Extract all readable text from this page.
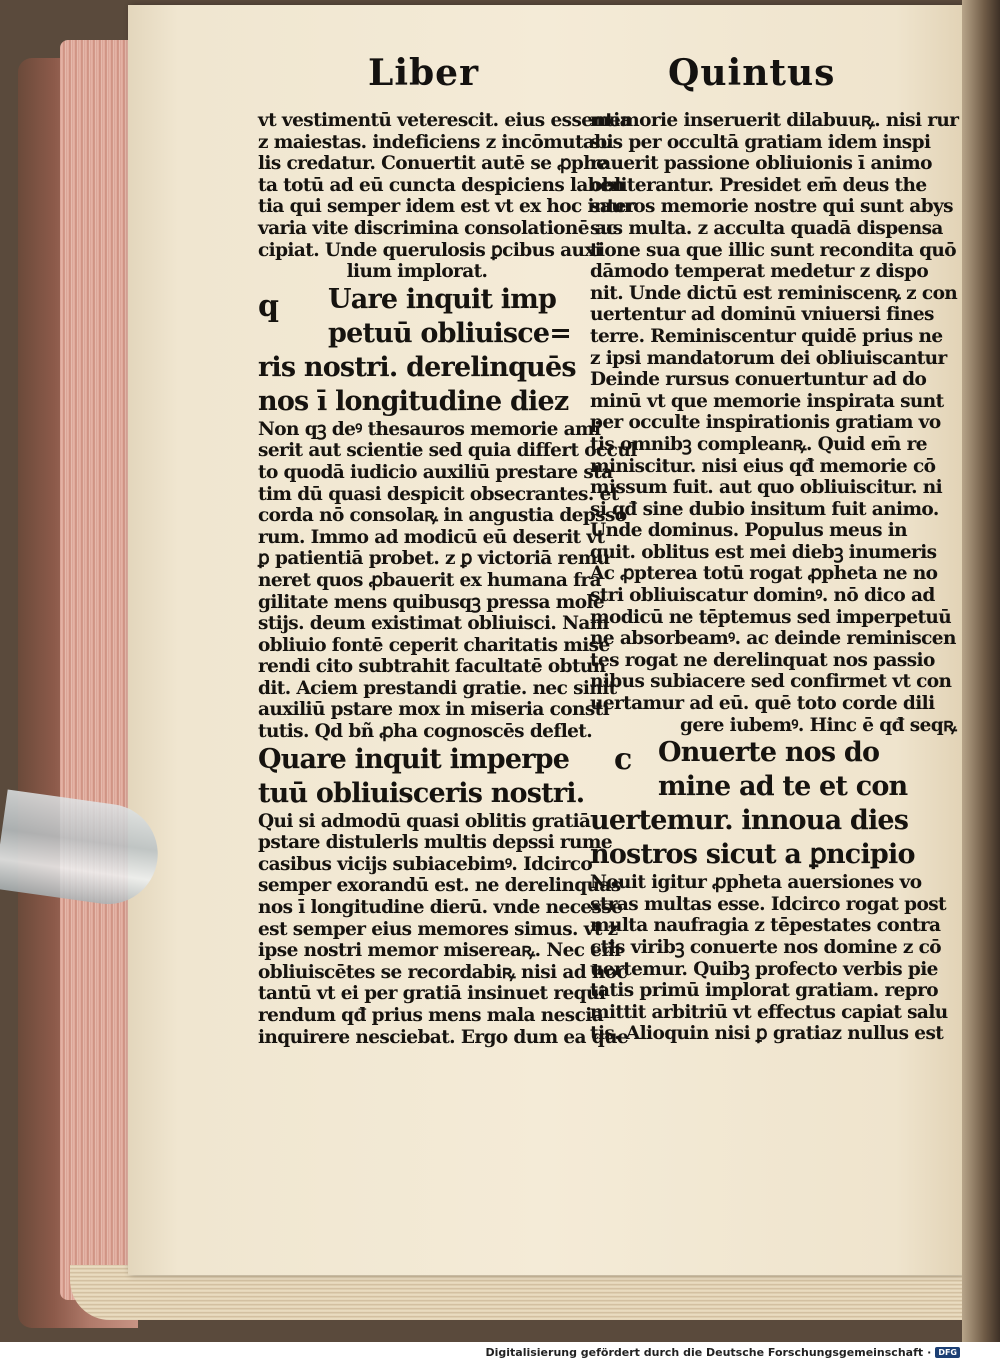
Liber	Quintus
vt vestimentū veterescit. eius essentia
z maiestas. indeficiens z incōmutabi
lis credatur. Conuertit autē se ꝓphe
ta totū ad eū cuncta despiciens laben
tia qui semper idem est vt ex hoc inter
varia vite discrimina consolationē ac
cipiat. Unde querulosis ꝑcibus auxi
lium implorat.
q	Uare inquit imp
petuū obliuisce=
ris nostri. derelinquēs
nos ī longitudine diez
Non qꝫ deꝰ thesauros memorie ami
serit aut scientie sed quia differt occul
to quodā iudicio auxiliū prestare sta
tim dū quasi despicit obsecrantes. et
corda nō consolaꝶ in angustia depsso
rum. Immo ad modicū eū deserit vt
ꝑ patientiā probet. z ꝑ victoriā remu
neret quos ꝓbauerit ex humana fra
gilitate mens quibusqꝫ pressa mole
stijs. deum existimat obliuisci. Nam
obliuio fontē ceperit charitatis mise
rendi cito subtrahit facultatē obtun
dit. Aciem prestandi gratie. nec sinit
auxiliū pstare mox in miseria consti
tutis. Qd bñ ꝓha cognoscēs deflet.
Quare inquit imperpe
tuū obliuisceris nostri.
Qui si admodū quasi oblitis gratiā
pstare distulerls multis depssi rume
casibus vicijs subiacebimꝰ. Idcirco
semper exorandū est. ne derelinquas
nos ī longitudine dierū. vnde necesse
est semper eius memores simus. vt z
ipse nostri memor misereaꝶ. Nec em̄
obliuiscētes se recordabiꝶ nisi ad hoc
tantū vt ei per gratiā insinuet requi
rendum qđ prius mens mala nescia
inquirere nesciebat. Ergo dum ea que
memorie inseruerit dilabuuꝶ. nisi rur
sus per occultā gratiam idem inspi
rauerit passione obliuionis ī animo
obliterantur. Presidet em̄ deus the
sauros memorie nostre qui sunt abys
sus multa. z acculta quadā dispensa
tione sua que illic sunt recondita quō
dāmodo temperat medetur z dispo
nit. Unde dictū est reminiscenꝶ z con
uertentur ad dominū vniuersi fines
terre. Reminiscentur quidē prius ne
z ipsi mandatorum dei obliuiscantur
Deinde rursus conuertuntur ad do
minū vt que memorie inspirata sunt
per occulte inspirationis gratiam vo
tis omnibꝫ compleanꝶ. Quid em̄ re
miniscitur. nisi eius qđ memorie cō
missum fuit. aut quo obliuiscitur. ni
si qđ sine dubio insitum fuit animo.
Unde dominus. Populus meus in
quit. oblitus est mei diebꝫ inumeris
Ac ꝓpterea totū rogat ꝓpheta ne no
stri obliuiscatur dominꝰ. nō dico ad
modicū ne tēptemus sed imperpetuū
ne absorbeamꝰ. ac deinde reminiscen
tes rogat ne derelinquat nos passio
nibus subiacere sed confirmet vt con
uertamur ad eū. quē toto corde dili
gere iubemꝰ. Hinc ē qđ seqꝶ
c Onuerte nos do
mine ad te et con
uertemur. innoua dies
nostros sicut a ꝑncipio
Nouit igitur ꝓpheta auersiones vo
stras multas esse. Idcirco rogat post
multa naufragia z tēpestates contra
ctis viribꝫ conuerte nos domine z cō
uertemur. Quibꝫ profecto verbis pie
tatis primū implorat gratiam. repro
mittit arbitriū vt effectus capiat salu
tis. Alioquin nisi ꝑ gratiaz nullus est
Digitalisierung gefördert durch die Deutsche Forschungsgemeinschaft · DFG
